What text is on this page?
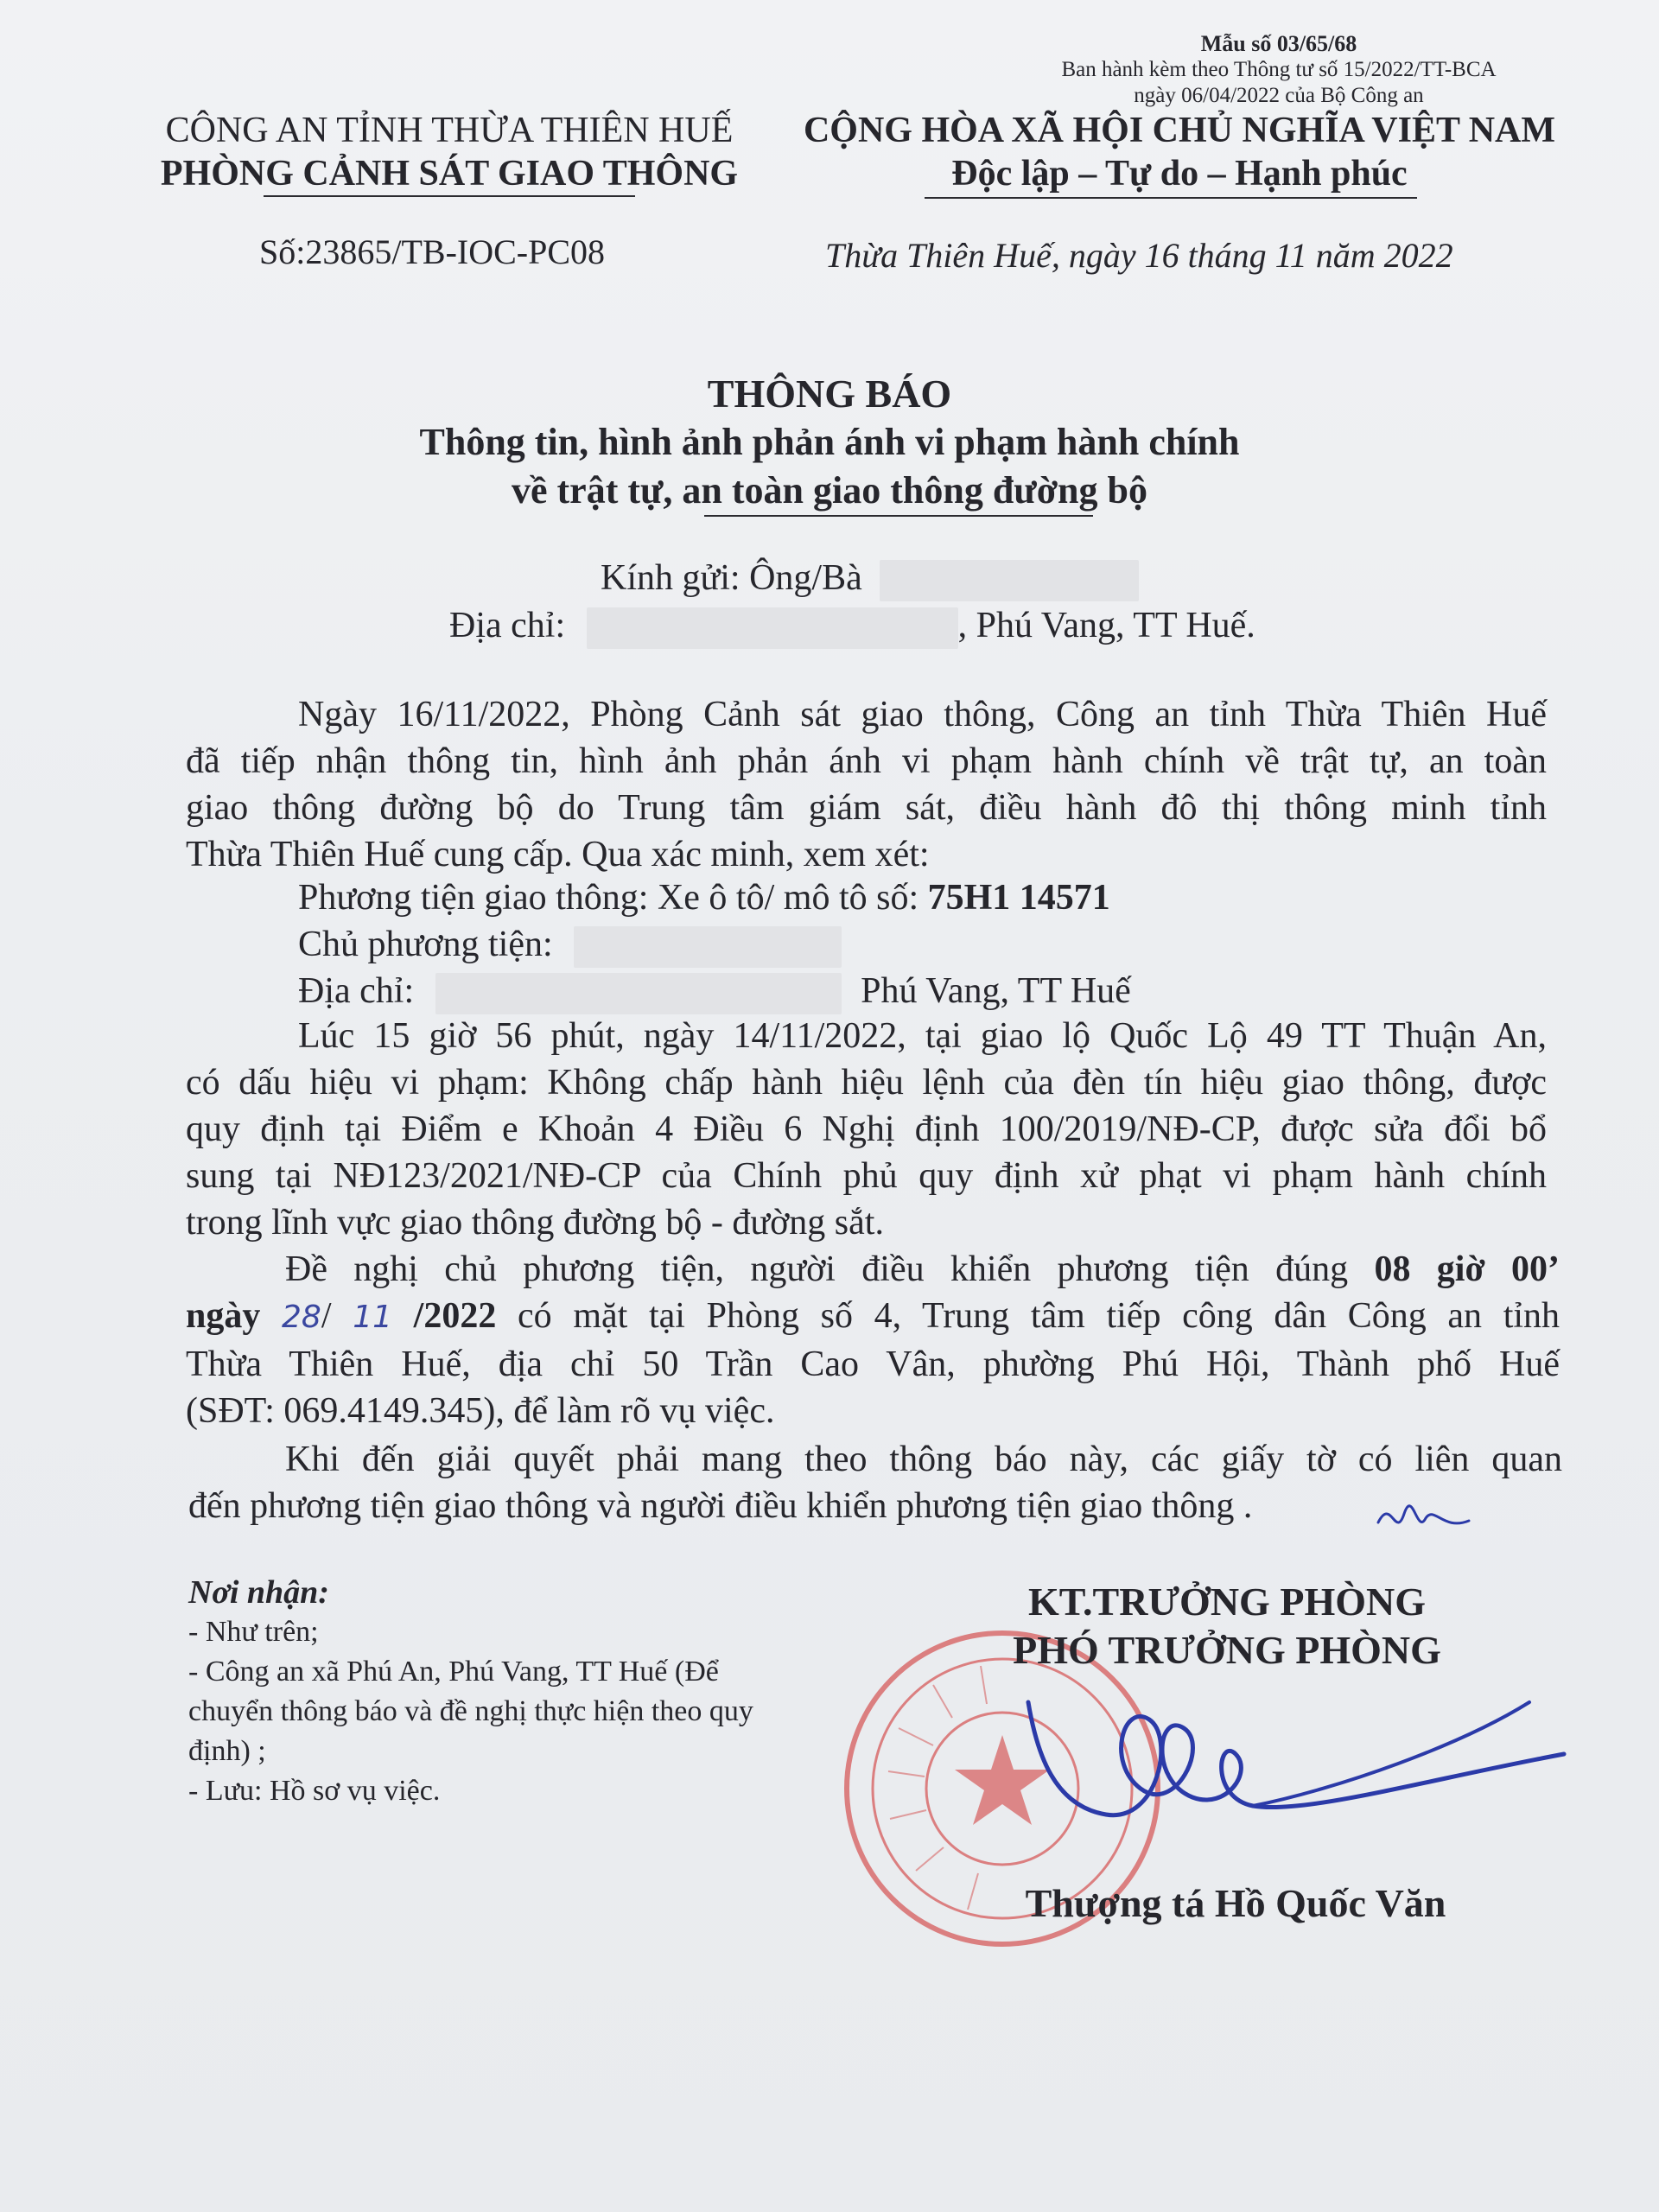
Mẫu số 03/65/68
Ban hành kèm theo Thông tư số 15/2022/TT-BCA
ngày 06/04/2022 của Bộ Công an
CÔNG AN TỈNH THỪA THIÊN HUẾ
PHÒNG CẢNH SÁT GIAO THÔNG
CỘNG HÒA XÃ HỘI CHỦ NGHĨA VIỆT NAM
Độc lập – Tự do – Hạnh phúc
Số:23865/TB-IOC-PC08	Thừa Thiên Huế, ngày 16 tháng 11 năm 2022
THÔNG BÁO
Thông tin, hình ảnh phản ánh vi phạm hành chính
về trật tự, an toàn giao thông đường bộ
Kính gửi: Ông/Bà
Địa chỉ:	, Phú Vang, TT Huế.
Ngày 16/11/2022, Phòng Cảnh sát giao thông, Công an tỉnh Thừa Thiên Huế
đã tiếp nhận thông tin, hình ảnh phản ánh vi phạm hành chính về trật tự, an toàn
giao thông đường bộ do Trung tâm giám sát, điều hành đô thị thông minh tỉnh
Thừa Thiên Huế cung cấp. Qua xác minh, xem xét:
Phương tiện giao thông: Xe ô tô/ mô tô số: 75H1 14571
Chủ phương tiện:
Địa chỉ:	Phú Vang, TT Huế
Lúc 15 giờ 56 phút, ngày 14/11/2022, tại giao lộ Quốc Lộ 49 TT Thuận An,
có dấu hiệu vi phạm: Không chấp hành hiệu lệnh của đèn tín hiệu giao thông, được
quy định tại Điểm e Khoản 4 Điều 6 Nghị định 100/2019/NĐ-CP, được sửa đổi bổ
sung tại NĐ123/2021/NĐ-CP của Chính phủ quy định xử phạt vi phạm hành chính
trong lĩnh vực giao thông đường bộ - đường sắt.
Đề nghị chủ phương tiện, người điều khiển phương tiện đúng 08 giờ 00’
ngày 28/ 11 /2022 có mặt tại Phòng số 4, Trung tâm tiếp công dân Công an tỉnh
Thừa Thiên Huế, địa chỉ 50 Trần Cao Vân, phường Phú Hội, Thành phố Huế
(SĐT: 069.4149.345), để làm rõ vụ việc.
Khi đến giải quyết phải mang theo thông báo này, các giấy tờ có liên quan
đến phương tiện giao thông và người điều khiển phương tiện giao thông .
Nơi nhận:
- Như trên;
- Công an xã Phú An, Phú Vang, TT Huế (Để
chuyển thông báo và đề nghị thực hiện theo quy
định) ;
- Lưu: Hồ sơ vụ việc.
KT.TRƯỞNG PHÒNG
PHÓ TRƯỞNG PHÒNG
Thượng tá Hồ Quốc Văn
